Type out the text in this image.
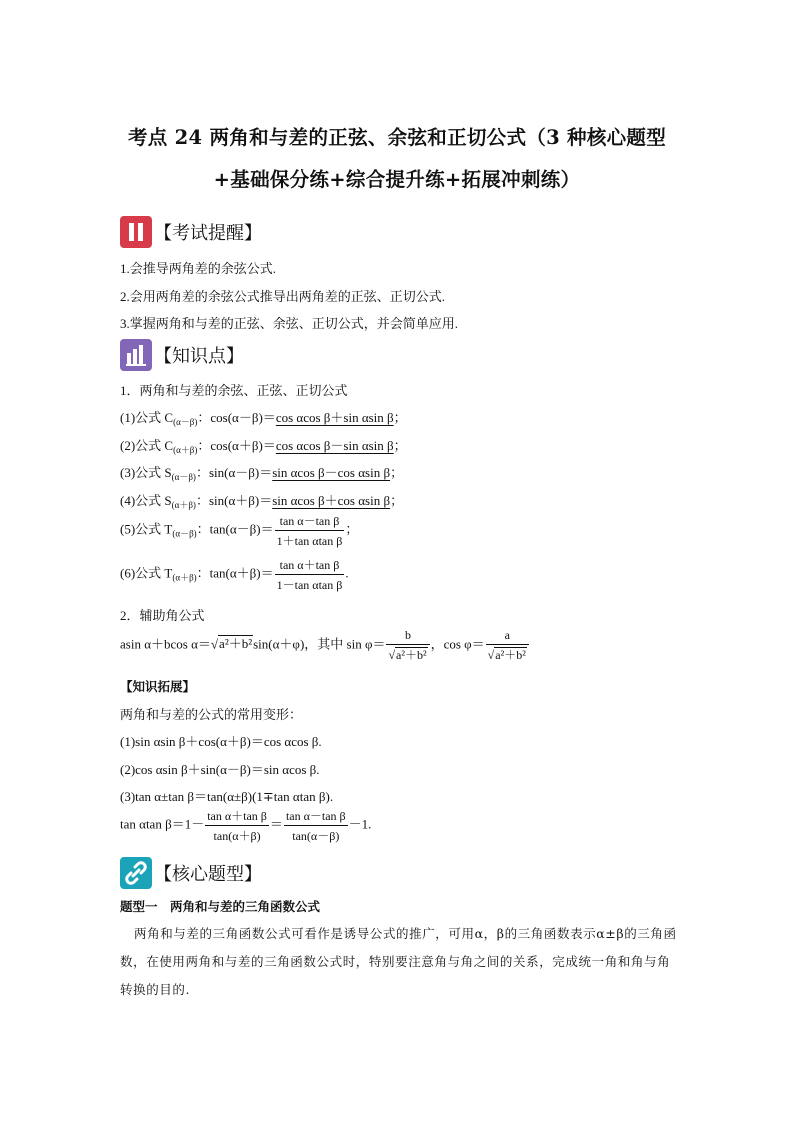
考点 24 两角和与差的正弦、余弦和正切公式（3 种核心题型
+基础保分练+综合提升练+拓展冲刺练）
【考试提醒】
1.会推导两角差的余弦公式.
2.会用两角差的余弦公式推导出两角差的正弦、正切公式.
3.掌握两角和与差的正弦、余弦、正切公式，并会简单应用.
【知识点】
1．两角和与差的余弦、正弦、正切公式
(1)公式 $C_{(\alpha-\beta)}$：cos(α－β)＝cos αcos β＋sin αsin β；
(2)公式 $C_{(\alpha+\beta)}$：cos(α＋β)＝cos αcos β－sin αsin β；
(3)公式 $S_{(\alpha-\beta)}$：sin(α－β)＝sin αcos β－cos αsin β；
(4)公式 $S_{(\alpha+\beta)}$：sin(α＋β)＝sin αcos β＋cos αsin β；
(5)公式 $T_{(\alpha-\beta)}$：$\tan(\alpha-\beta)= \frac{\text{tan α－tan β}}{\text{1＋tan αtan β}}$ ；
(6)公式 $T_{(\alpha+\beta)}$：$\tan(\alpha+\beta)= \frac{\text{tan α＋tan β}}{\text{1－tan αtan β}}$ .
2．辅助角公式
asin α＋bcos α＝√a²＋b²sin(α＋φ)，其中 $\sin \varphi= \frac{b}{\text{√a²＋b²}}$ ，$\cos \varphi= \frac{a}{\text{√a²＋b²}}$
【知识拓展】
两角和与差的公式的常用变形：
(1)sin αsin β＋cos(α＋β)＝cos αcos β.
(2)cos αsin β＋sin(α－β)＝sin αcos β.
(3)tan α±tan β＝tan(α±β)(1∓tan αtan β).
tan αtan $\beta=1- \frac{\text{tan α＋tan β}}{\tan(\alpha+\beta)} = \frac{\text{tan α－tan β}}{\tan(\alpha-\beta)} -1$.
【核心题型】
题型一　两角和与差的三角函数公式
两角和与差的三角函数公式可看作是诱导公式的推广，可用α，β的三角函数表示α±β的三角函数，在使用两角和与差的三角函数公式时，特别要注意角与角之间的关系，完成统一角和角与角转换的目的.
